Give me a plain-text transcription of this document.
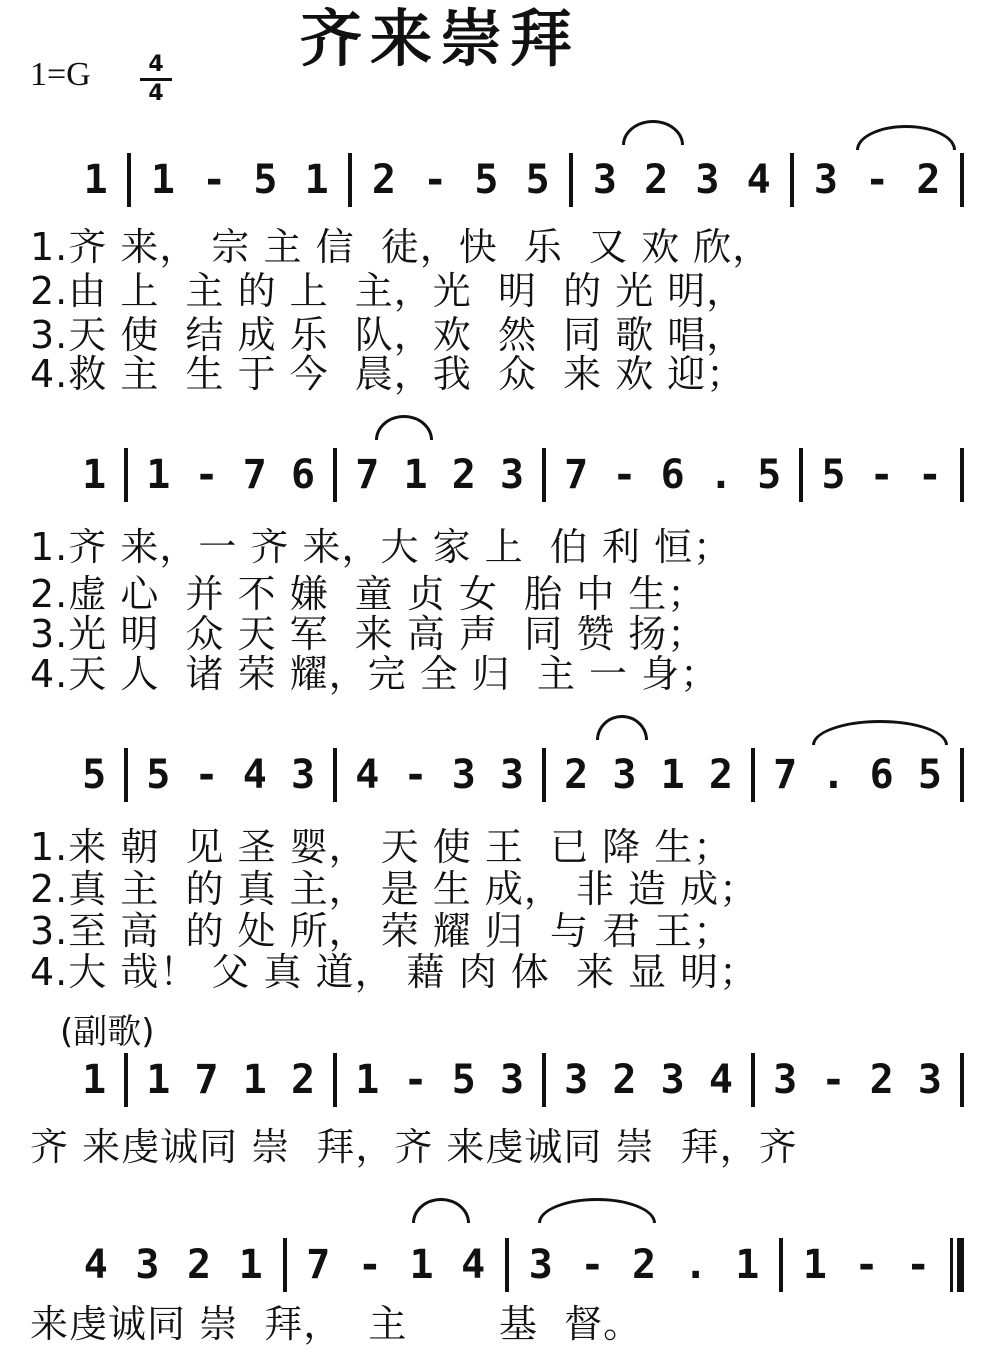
齐来崇拜
1=G	4
4
1	1 - 5 1	2 - 5 5	3 2 3 4	3 - 2
1.齐 来， 宗 主 信  徒，快  乐  又 欢 欣，
2.由 上  主 的 上  主，光  明  的 光 明，
3.天 使  结 成 乐  队，欢  然  同 歌 唱，
4.救 主  生 于 今  晨，我  众  来 欢 迎；
1	1 - 7 6	7 1 2 3	7 - 6 . 5	5 - -
1.齐 来，一 齐 来，大 家 上  伯 利 恒；
2.虚 心  并 不 嫌  童 贞 女  胎 中 生；
3.光 明  众 天 军  来 高 声  同 赞 扬；
4.天 人  诸 荣 耀，完 全 归  主 一 身；
5	5 - 4 3	4 - 3 3	2 3 1 2	7 . 6 5
1.来 朝  见 圣 婴， 天 使 王  已 降 生；
2.真 主  的 真 主， 是 生 成， 非 造 成；
3.至 高  的 处 所， 荣 耀 归  与 君 王；
4.大 哉！ 父 真 道， 藉 肉 体  来 显 明；
1	1 7 1 2	1 - 5 3	3 2 3 4	3 - 2 3
齐 来虔诚同 崇  拜，齐 来虔诚同 崇  拜，齐
4 3 2 1	7 - 1 4	3 - 2 . 1	1 - -
来虔诚同 崇  拜，  主       基  督。
(副歌)
